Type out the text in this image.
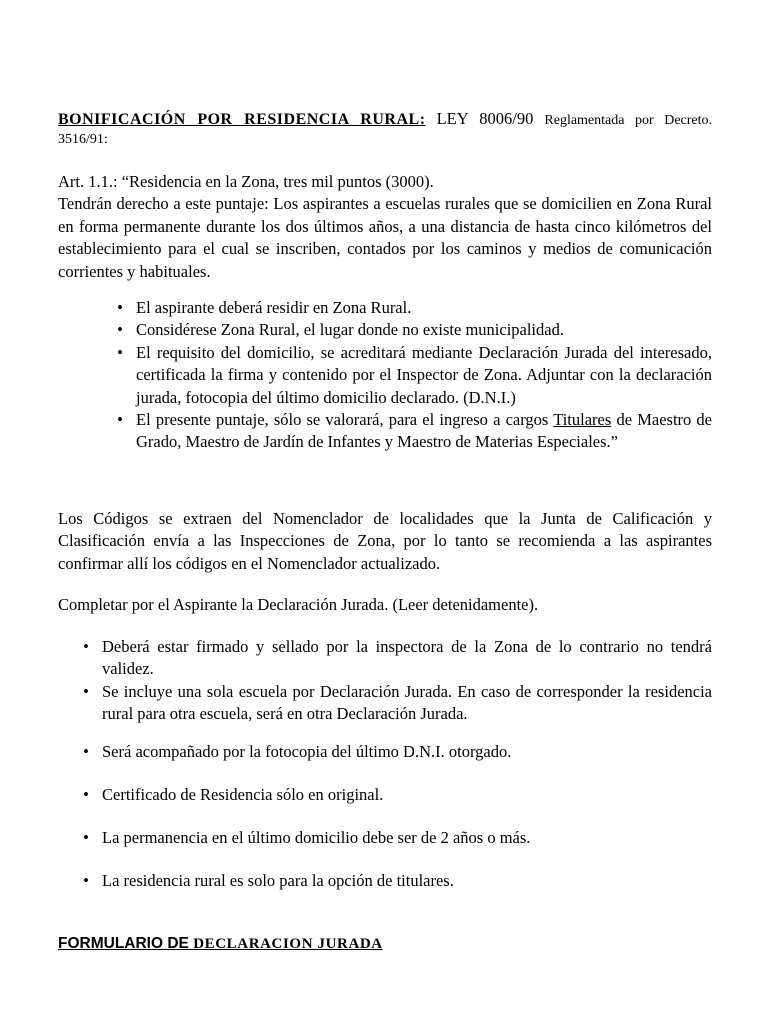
BONIFICACIÓN POR RESIDENCIA RURAL: LEY 8006/90 Reglamentada por Decreto.
3516/91:

Art. 1.1.: “Residencia en la Zona, tres mil puntos (3000).

Tendrán derecho a este puntaje: Los aspirantes a escuelas rurales que se domicilien en Zona Rural en forma permanente durante los dos últimos años, a una distancia de hasta cinco kilómetros del establecimiento para el cual se inscriben, contados por los caminos y medios de comunicación corrientes y habituales.

• El aspirante deberá residir en Zona Rural.
• Considérese Zona Rural, el lugar donde no existe municipalidad.
• El requisito del domicilio, se acreditará mediante Declaración Jurada del interesado, certificada la firma y contenido por el Inspector de Zona. Adjuntar con la declaración jurada, fotocopia del último domicilio declarado. (D.N.I.)
• El presente puntaje, sólo se valorará, para el ingreso a cargos Titulares de Maestro de Grado, Maestro de Jardín de Infantes y Maestro de Materias Especiales.”
Los Códigos se extraen del Nomenclador de localidades que la Junta de Calificación y Clasificación envía a las Inspecciones de Zona, por lo tanto se recomienda a las aspirantes confirmar allí los códigos en el Nomenclador actualizado.
Completar por el Aspirante la Declaración Jurada. (Leer detenidamente).
• Deberá estar firmado y sellado por la inspectora de la Zona de lo contrario no tendrá validez.
• Se incluye una sola escuela por Declaración Jurada. En caso de corresponder la residencia rural para otra escuela, será en otra Declaración Jurada.
• Será acompañado por la fotocopia del último D.N.I. otorgado.
• Certificado de Residencia sólo en original.
• La permanencia en el último domicilio debe ser de 2 años o más.
• La residencia rural es solo para la opción de titulares.
FORMULARIO DE DECLARACION JURADA
